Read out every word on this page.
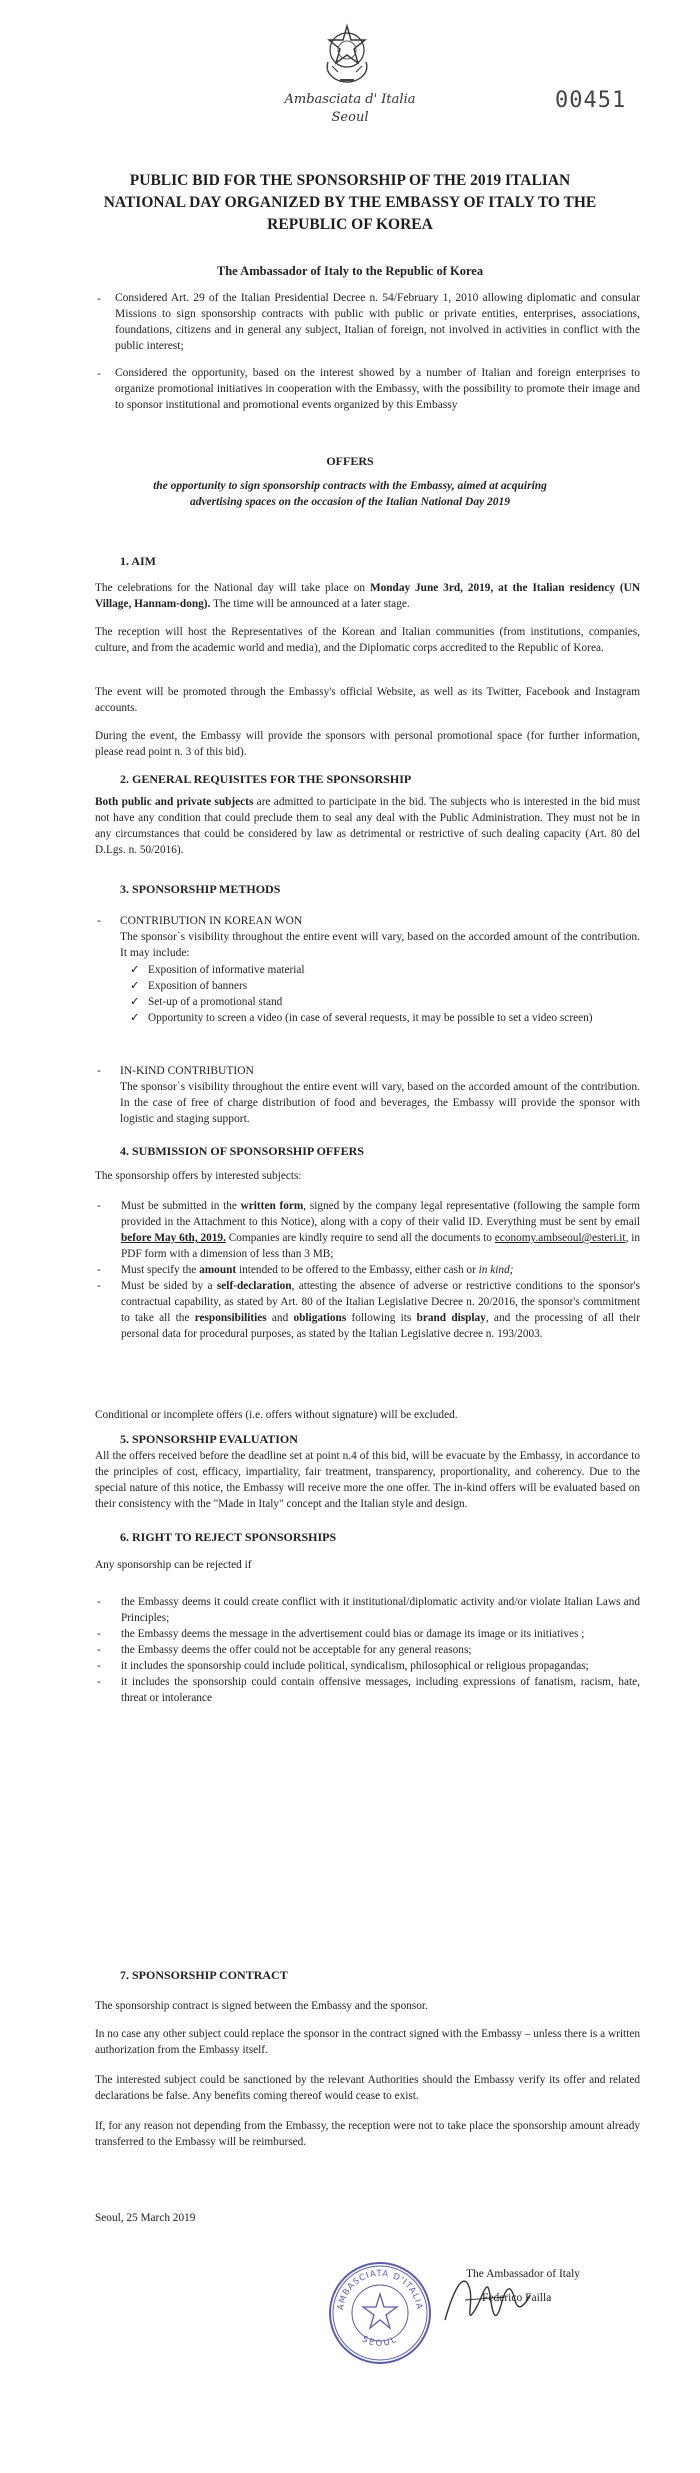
Ambasciata d' Italia
Seoul
00451
PUBLIC BID FOR THE SPONSORSHIP OF THE 2019 ITALIAN
NATIONAL DAY ORGANIZED BY THE EMBASSY OF ITALY TO THE
REPUBLIC OF KOREA
The Ambassador of Italy to the Republic of Korea
- Considered Art. 29 of the Italian Presidential Decree n. 54/February 1, 2010 allowing diplomatic and consular Missions to sign sponsorship contracts with public with public or private entities, enterprises, associations, foundations, citizens and in general any subject, Italian of foreign, not involved in activities in conflict with the public interest;
- Considered the opportunity, based on the interest showed by a number of Italian and foreign enterprises to organize promotional initiatives in cooperation with the Embassy, with the possibility to promote their image and to sponsor institutional and promotional events organized by this Embassy
OFFERS
the opportunity to sign sponsorship contracts with the Embassy, aimed at acquiring
advertising spaces on the occasion of the Italian National Day 2019
1. AIM

The celebrations for the National day will take place on Monday June 3rd, 2019, at the Italian residency (UN Village, Hannam-dong). The time will be announced at a later stage.

The reception will host the Representatives of the Korean and Italian communities (from institutions, companies, culture, and from the academic world and media), and the Diplomatic corps accredited to the Republic of Korea.

The event will be promoted through the Embassy's official Website, as well as its Twitter, Facebook and Instagram accounts.

During the event, the Embassy will provide the sponsors with personal promotional space (for further information, please read point n. 3 of this bid).

2. GENERAL REQUISITES FOR THE SPONSORSHIP

Both public and private subjects are admitted to participate in the bid. The subjects who is interested in the bid must not have any condition that could preclude them to seal any deal with the Public Administration. They must not be in any circumstances that could be considered by law as detrimental or restrictive of such dealing capacity (Art. 80 del D.Lgs. n. 50/2016).

3. SPONSORSHIP METHODS
- CONTRIBUTION IN KOREAN WON
The sponsor`s visibility throughout the entire event will vary, based on the accorded amount of the contribution. It may include:
✓ Exposition of informative material
✓ Exposition of banners
✓ Set-up of a promotional stand
✓ Opportunity to screen a video (in case of several requests, it may be possible to set a video screen)
- IN-KIND CONTRIBUTION
The sponsor`s visibility throughout the entire event will vary, based on the accorded amount of the contribution. In the case of free of charge distribution of food and beverages, the Embassy will provide the sponsor with logistic and staging support.
4. SUBMISSION OF SPONSORSHIP OFFERS

The sponsorship offers by interested subjects:

- Must be submitted in the written form, signed by the company legal representative (following the sample form provided in the Attachment to this Notice), along with a copy of their valid ID. Everything must be sent by email before May 6th, 2019. Companies are kindly require to send all the documents to economy.ambseoul@esteri.it, in PDF form with a dimension of less than 3 MB;
- Must specify the amount intended to be offered to the Embassy, either cash or in kind;
- Must be sided by a self-declaration, attesting the absence of adverse or restrictive conditions to the sponsor's contractual capability, as stated by Art. 80 of the Italian Legislative Decree n. 20/2016, the sponsor's commitment to take all the responsibilities and obligations following its brand display, and the processing of all their personal data for procedural purposes, as stated by the Italian Legislative decree n. 193/2003.

Conditional or incomplete offers (i.e. offers without signature) will be excluded.

5. SPONSORSHIP EVALUATION

All the offers received before the deadline set at point n.4 of this bid, will be evacuate by the Embassy, in accordance to the principles of cost, efficacy, impartiality, fair treatment, transparency, proportionality, and coherency. Due to the special nature of this notice, the Embassy will receive more the one offer. The in-kind offers will be evaluated based on their consistency with the "Made in Italy" concept and the Italian style and design.

6. RIGHT TO REJECT SPONSORSHIPS

Any sponsorship can be rejected if

- the Embassy deems it could create conflict with it institutional/diplomatic activity and/or violate Italian Laws and Principles;
- the Embassy deems the message in the advertisement could bias or damage its image or its initiatives ;
- the Embassy deems the offer could not be acceptable for any general reasons;
- it includes the sponsorship could include political, syndicalism, philosophical or religious propagandas;
- it includes the sponsorship could contain offensive messages, including expressions of fanatism, racism, hate, threat or intolerance
7. SPONSORSHIP CONTRACT

The sponsorship contract is signed between the Embassy and the sponsor.

In no case any other subject could replace the sponsor in the contract signed with the Embassy – unless there is a written authorization from the Embassy itself.

The interested subject could be sanctioned by the relevant Authorities should the Embassy verify its offer and related declarations be false. Any benefits coming thereof would cease to exist.

If, for any reason not depending from the Embassy, the reception were not to take place the sponsorship amount already transferred to the Embassy will be reimbursed.

Seoul, 25 March 2019
AMBASCIATA D'ITALIA
SEOUL
The Ambassador of Italy
Federico Failla
